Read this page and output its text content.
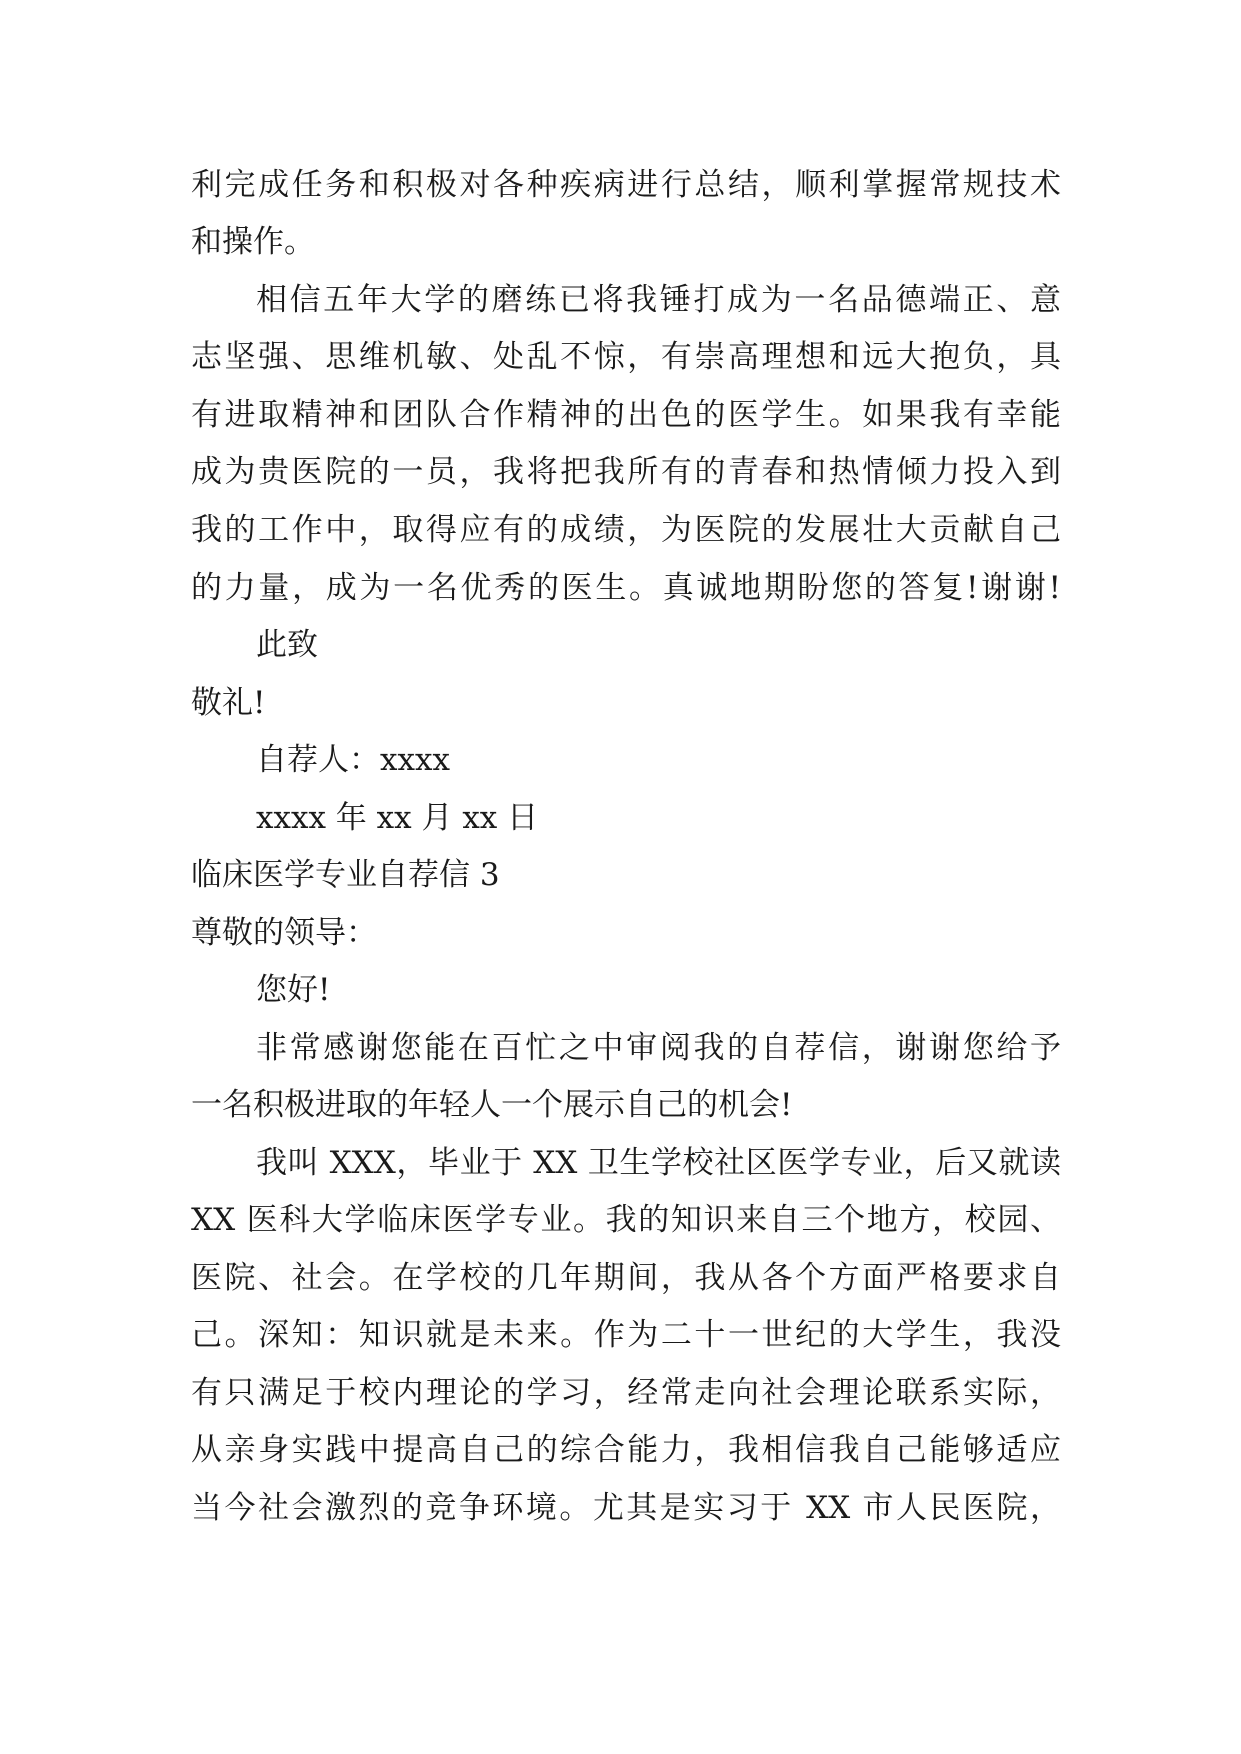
利完成任务和积极对各种疾病进行总结，顺利掌握常规技术
和操作。
相信五年大学的磨练已将我锤打成为一名品德端正、意
志坚强、思维机敏、处乱不惊，有崇高理想和远大抱负，具
有进取精神和团队合作精神的出色的医学生。如果我有幸能
成为贵医院的一员，我将把我所有的青春和热情倾力投入到
我的工作中，取得应有的成绩，为医院的发展壮大贡献自己
的力量，成为一名优秀的医生。真诚地期盼您的答复!谢谢!
此致
敬礼!
自荐人：xxxx
xxxx 年 xx 月 xx 日
临床医学专业自荐信 3
尊敬的领导：
您好!
非常感谢您能在百忙之中审阅我的自荐信，谢谢您给予
一名积极进取的年轻人一个展示自己的机会!
我叫 XXX，毕业于 XX 卫生学校社区医学专业，后又就读
XX 医科大学临床医学专业。我的知识来自三个地方，校园、
医院、社会。在学校的几年期间，我从各个方面严格要求自
己。深知：知识就是未来。作为二十一世纪的大学生，我没
有只满足于校内理论的学习，经常走向社会理论联系实际，
从亲身实践中提高自己的综合能力，我相信我自己能够适应
当今社会激烈的竞争环境。尤其是实习于 XX 市人民医院，
